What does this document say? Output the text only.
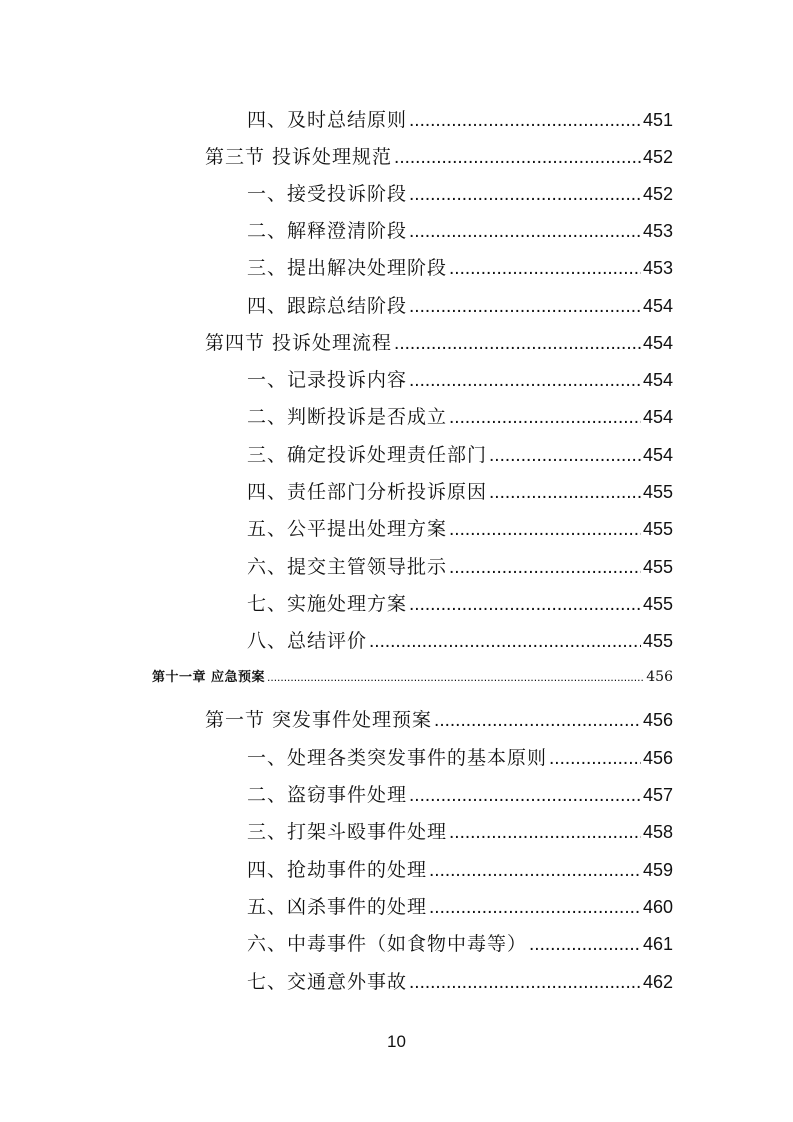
四、及时总结原则 .....	451
第三节 投诉处理规范 .....	452
一、接受投诉阶段 .....	452
二、解释澄清阶段 .....	453
三、提出解决处理阶段 .....	453
四、跟踪总结阶段 .....	454
第四节 投诉处理流程 .....	454
一、记录投诉内容 .....	454
二、判断投诉是否成立 .....	454
三、确定投诉处理责任部门 .....	454
四、责任部门分析投诉原因 .....	455
五、公平提出处理方案 .....	455
六、提交主管领导批示 .....	455
七、实施处理方案 .....	455
八、总结评价 .....	455
第十一章 应急预案 .....	456
第一节 突发事件处理预案 .....	456
一、处理各类突发事件的基本原则 .....	456
二、盗窃事件处理 .....	457
三、打架斗殴事件处理 .....	458
四、抢劫事件的处理 .....	459
五、凶杀事件的处理 .....	460
六、中毒事件（如食物中毒等） .....	461
七、交通意外事故 .....	462
10
